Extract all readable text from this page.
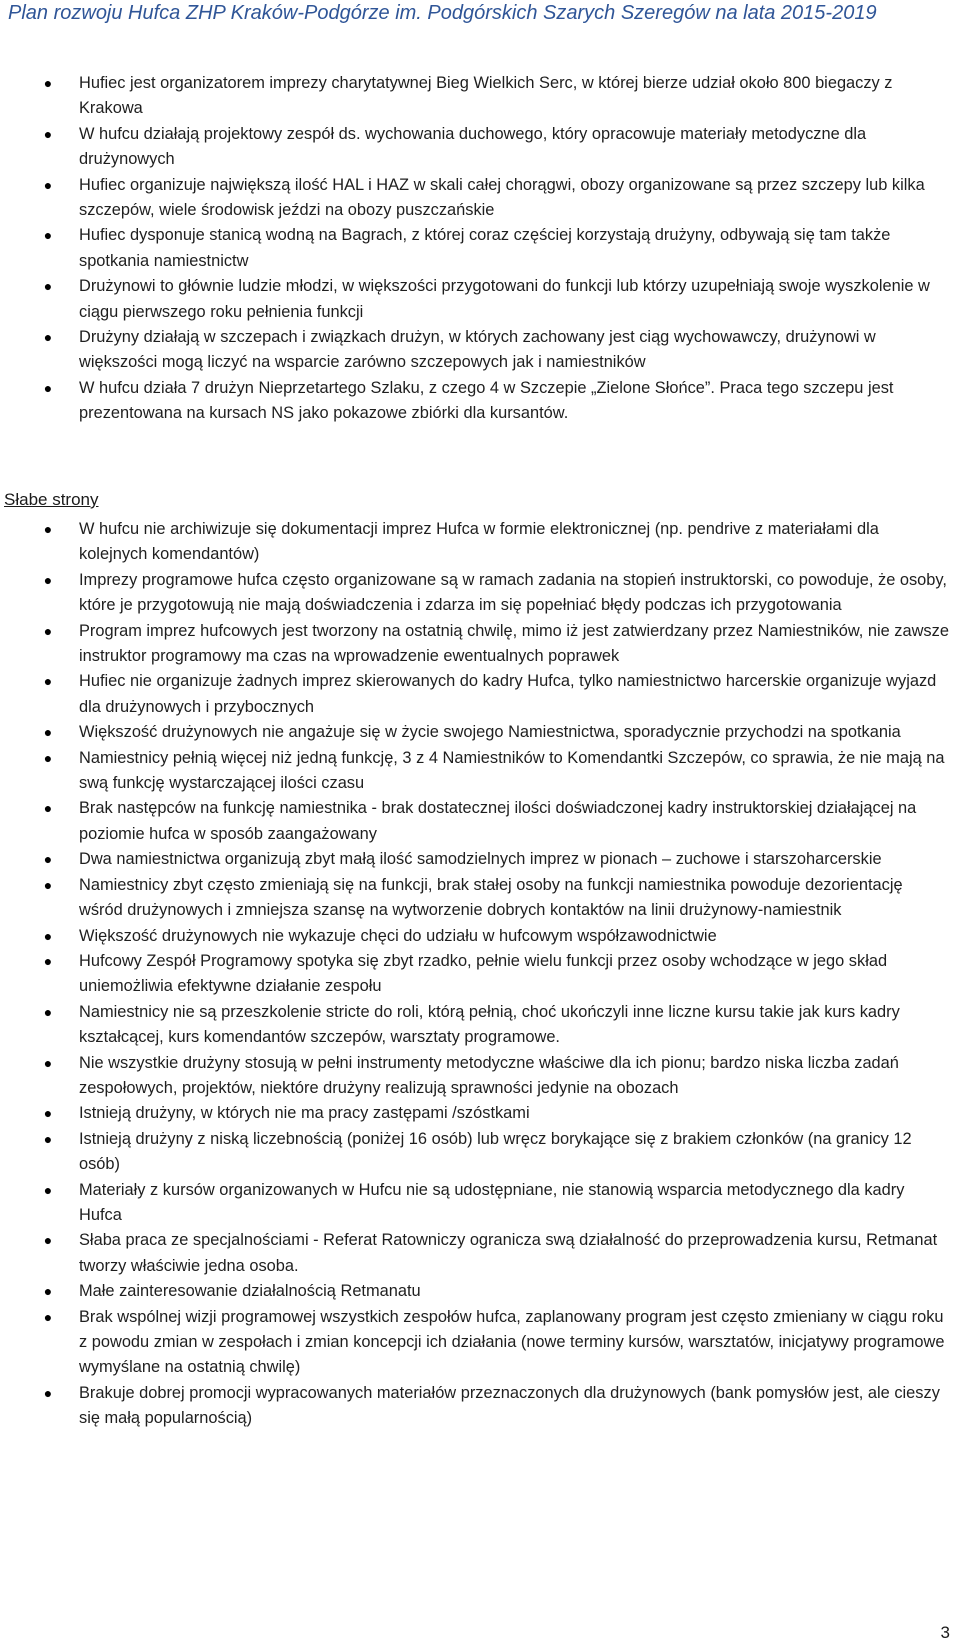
Plan rozwoju Hufca ZHP Kraków-Podgórze im. Podgórskich Szarych Szeregów na lata 2015-2019
● Hufiec jest organizatorem imprezy charytatywnej Bieg Wielkich Serc, w której bierze udział około 800 biegaczy z Krakowa
● W hufcu działają projektowy zespół ds. wychowania duchowego, który opracowuje materiały metodyczne dla drużynowych
● Hufiec organizuje największą ilość HAL i HAZ w skali całej chorągwi, obozy organizowane są przez szczepy lub kilka szczepów, wiele środowisk jeździ na obozy puszczańskie
● Hufiec dysponuje stanicą wodną na Bagrach, z której coraz częściej korzystają drużyny, odbywają się tam także spotkania namiestnictw
● Drużynowi to głównie ludzie młodzi, w większości przygotowani do funkcji lub którzy uzupełniają swoje wyszkolenie w ciągu pierwszego roku pełnienia funkcji
● Drużyny działają w szczepach i związkach drużyn, w których zachowany jest ciąg wychowawczy, drużynowi w większości mogą liczyć na wsparcie zarówno szczepowych jak i namiestników
● W hufcu działa 7 drużyn Nieprzetartego Szlaku, z czego 4 w Szczepie „Zielone Słońce”. Praca tego szczepu jest prezentowana na kursach NS jako pokazowe zbiórki dla kursantów.
Słabe strony
● W hufcu nie archiwizuje się dokumentacji imprez Hufca w formie elektronicznej (np. pendrive z materiałami dla kolejnych komendantów)
● Imprezy programowe hufca często organizowane są w ramach zadania na stopień instruktorski, co powoduje, że osoby, które je przygotowują nie mają doświadczenia i zdarza im się popełniać błędy podczas ich przygotowania
● Program imprez hufcowych jest tworzony na ostatnią chwilę, mimo iż jest zatwierdzany przez Namiestników, nie zawsze instruktor programowy ma czas na wprowadzenie ewentualnych poprawek
● Hufiec nie organizuje żadnych imprez skierowanych do kadry Hufca, tylko namiestnictwo harcerskie organizuje wyjazd dla drużynowych i przybocznych
● Większość drużynowych nie angażuje się w życie swojego Namiestnictwa, sporadycznie przychodzi na spotkania
● Namiestnicy pełnią więcej niż jedną funkcję, 3 z 4 Namiestników to Komendantki Szczepów, co sprawia, że nie mają na swą funkcję wystarczającej ilości czasu
● Brak następców na funkcję namiestnika - brak dostatecznej ilości doświadczonej kadry instruktorskiej działającej na poziomie hufca w sposób zaangażowany
● Dwa namiestnictwa organizują zbyt małą ilość samodzielnych imprez w pionach – zuchowe i starszoharcerskie
● Namiestnicy zbyt często zmieniają się na funkcji, brak stałej osoby na funkcji namiestnika powoduje dezorientację wśród drużynowych i zmniejsza szansę na wytworzenie dobrych kontaktów na linii drużynowy-namiestnik
● Większość drużynowych nie wykazuje chęci do udziału w hufcowym współzawodnictwie
● Hufcowy Zespół Programowy spotyka się zbyt rzadko, pełnie wielu funkcji przez osoby wchodzące w jego skład uniemożliwia efektywne działanie zespołu
● Namiestnicy nie są przeszkolenie stricte do roli, którą pełnią, choć ukończyli inne liczne kursu takie jak kurs kadry kształcącej, kurs komendantów szczepów, warsztaty programowe.
● Nie wszystkie drużyny stosują w pełni instrumenty metodyczne właściwe dla ich pionu; bardzo niska liczba zadań zespołowych, projektów, niektóre drużyny realizują sprawności jedynie na obozach
● Istnieją drużyny, w których nie ma pracy zastępami /szóstkami
● Istnieją drużyny z niską liczebnością (poniżej 16 osób) lub wręcz borykające się z brakiem członków (na granicy 12 osób)
● Materiały z kursów organizowanych w Hufcu nie są udostępniane, nie stanowią wsparcia metodycznego dla kadry Hufca
● Słaba praca ze specjalnościami - Referat Ratowniczy ogranicza swą działalność do przeprowadzenia kursu, Retmanat tworzy właściwie jedna osoba.
● Małe zainteresowanie działalnością Retmanatu
● Brak wspólnej wizji programowej wszystkich zespołów hufca, zaplanowany program jest często zmieniany w ciągu roku z powodu zmian w zespołach i zmian koncepcji ich działania (nowe terminy kursów, warsztatów, inicjatywy programowe wymyślane na ostatnią chwilę)
● Brakuje dobrej promocji wypracowanych materiałów przeznaczonych dla drużynowych (bank pomysłów jest, ale cieszy się małą popularnością)
3
